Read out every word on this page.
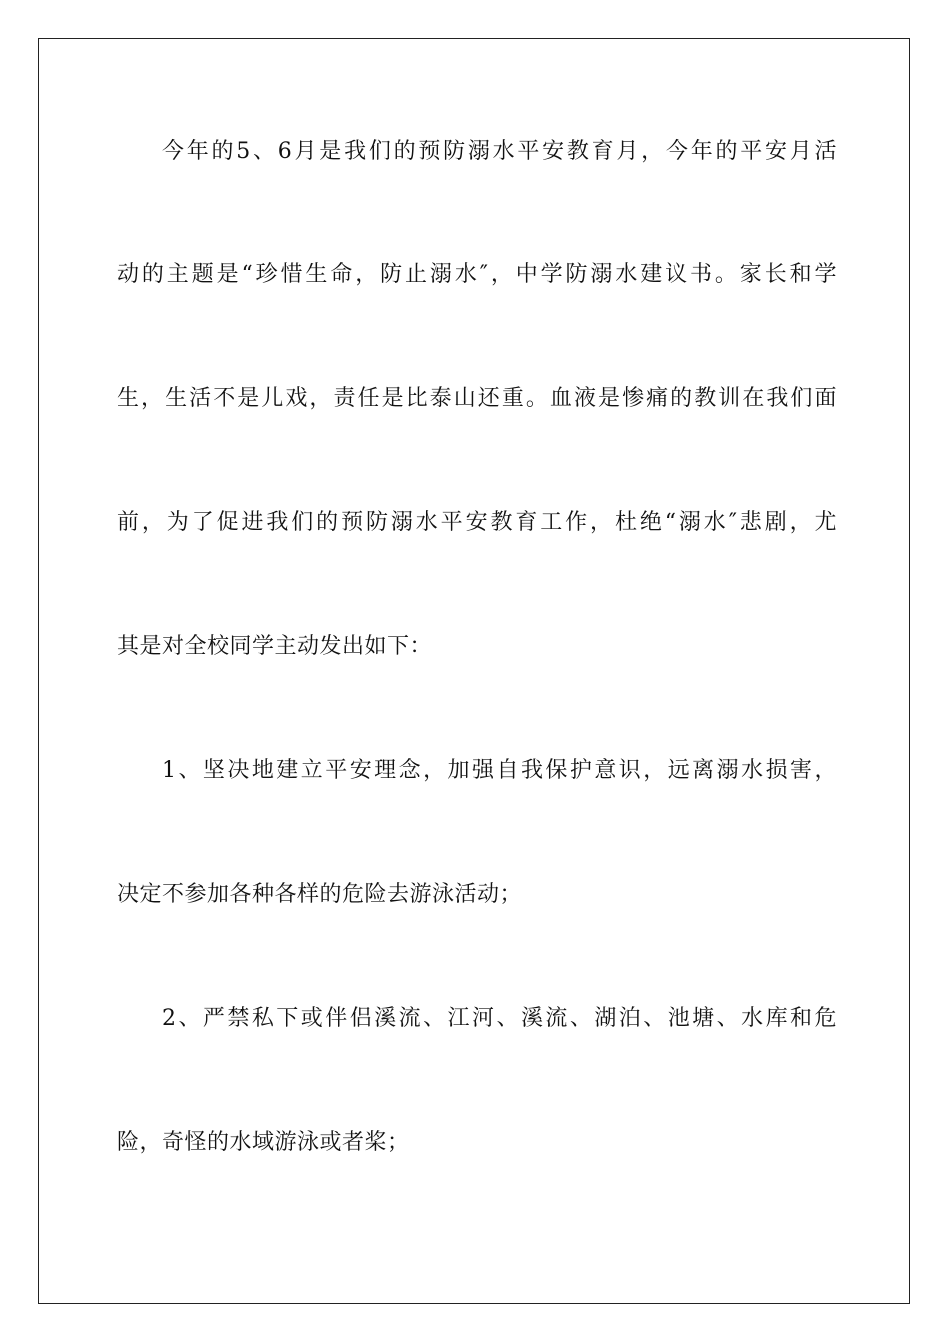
今年的5、6月是我们的预防溺水平安教育月，今年的平安月活
动的主题是“珍惜生命，防止溺水″，中学防溺水建议书。家长和学
生，生活不是儿戏，责任是比泰山还重。血液是惨痛的教训在我们面
前，为了促进我们的预防溺水平安教育工作，杜绝“溺水″悲剧，尤
其是对全校同学主动发出如下：
1、坚决地建立平安理念，加强自我保护意识，远离溺水损害，
决定不参加各种各样的危险去游泳活动；
2、严禁私下或伴侣溪流、江河、溪流、湖泊、池塘、水库和危
险，奇怪的水域游泳或者桨；
